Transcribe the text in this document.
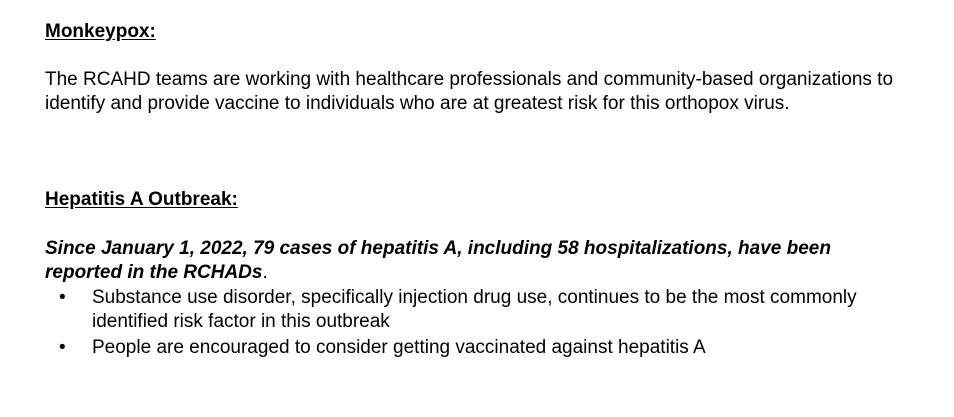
Monkeypox:
The RCAHD teams are working with healthcare professionals and community-based organizations to identify and provide vaccine to individuals who are at greatest risk for this orthopox virus.
Hepatitis A Outbreak:
Since January 1, 2022, 79 cases of hepatitis A, including 58 hospitalizations, have been reported in the RCHADs.
• Substance use disorder, specifically injection drug use, continues to be the most commonly identified risk factor in this outbreak
• People are encouraged to consider getting vaccinated against hepatitis A
